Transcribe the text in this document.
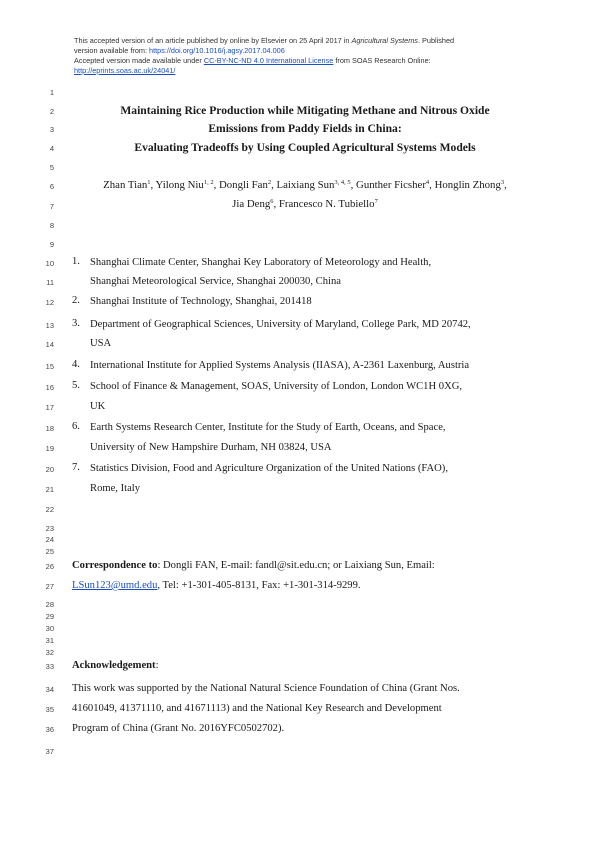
This accepted version of an article published by online by Elsevier on 25 April 2017 in Agricultural Systems. Published
version available from: https://doi.org/10.1016/j.agsy.2017.04.006
Accepted version made available under CC-BY-NC-ND 4.0 International License from SOAS Research Online:
http://eprints.soas.ac.uk/24041/
1
2
3
4
5
6
7
8
9
10
11
12
13
14
15
16
17
18
19
20
21
22
23
24
25
26
27
28
29
30
31
32
33
34
35
36
37
Maintaining Rice Production while Mitigating Methane and Nitrous Oxide
Emissions from Paddy Fields in China:
Evaluating Tradeoffs by Using Coupled Agricultural Systems Models
Zhan Tian$^1$, Yilong Niu$^{1, 2}$, Dongli Fan$^2$, Laixiang Sun$^{3, 4, 5}$, Gunther Ficsher$^4$, Honglin Zhong$^3$,
Jia Deng$^6$, Francesco N. Tubiello$^7$
1. Shanghai Climate Center, Shanghai Key Laboratory of Meteorology and Health,
Shanghai Meteorological Service, Shanghai 200030, China
2. Shanghai Institute of Technology, Shanghai, 201418
3. Department of Geographical Sciences, University of Maryland, College Park, MD 20742,
USA
4. International Institute for Applied Systems Analysis (IIASA), A-2361 Laxenburg, Austria
5. School of Finance & Management, SOAS, University of London, London WC1H 0XG,
UK
6. Earth Systems Research Center, Institute for the Study of Earth, Oceans, and Space,
University of New Hampshire Durham, NH 03824, USA
7. Statistics Division, Food and Agriculture Organization of the United Nations (FAO),
Rome, Italy
Correspondence to: Dongli FAN, E-mail: fandl@sit.edu.cn; or Laixiang Sun, Email:
LSun123@umd.edu, Tel: +1-301-405-8131, Fax: +1-301-314-9299.
Acknowledgement:
This work was supported by the National Natural Science Foundation of China (Grant Nos.
41601049, 41371110, and 41671113) and the National Key Research and Development
Program of China (Grant No. 2016YFC0502702).
